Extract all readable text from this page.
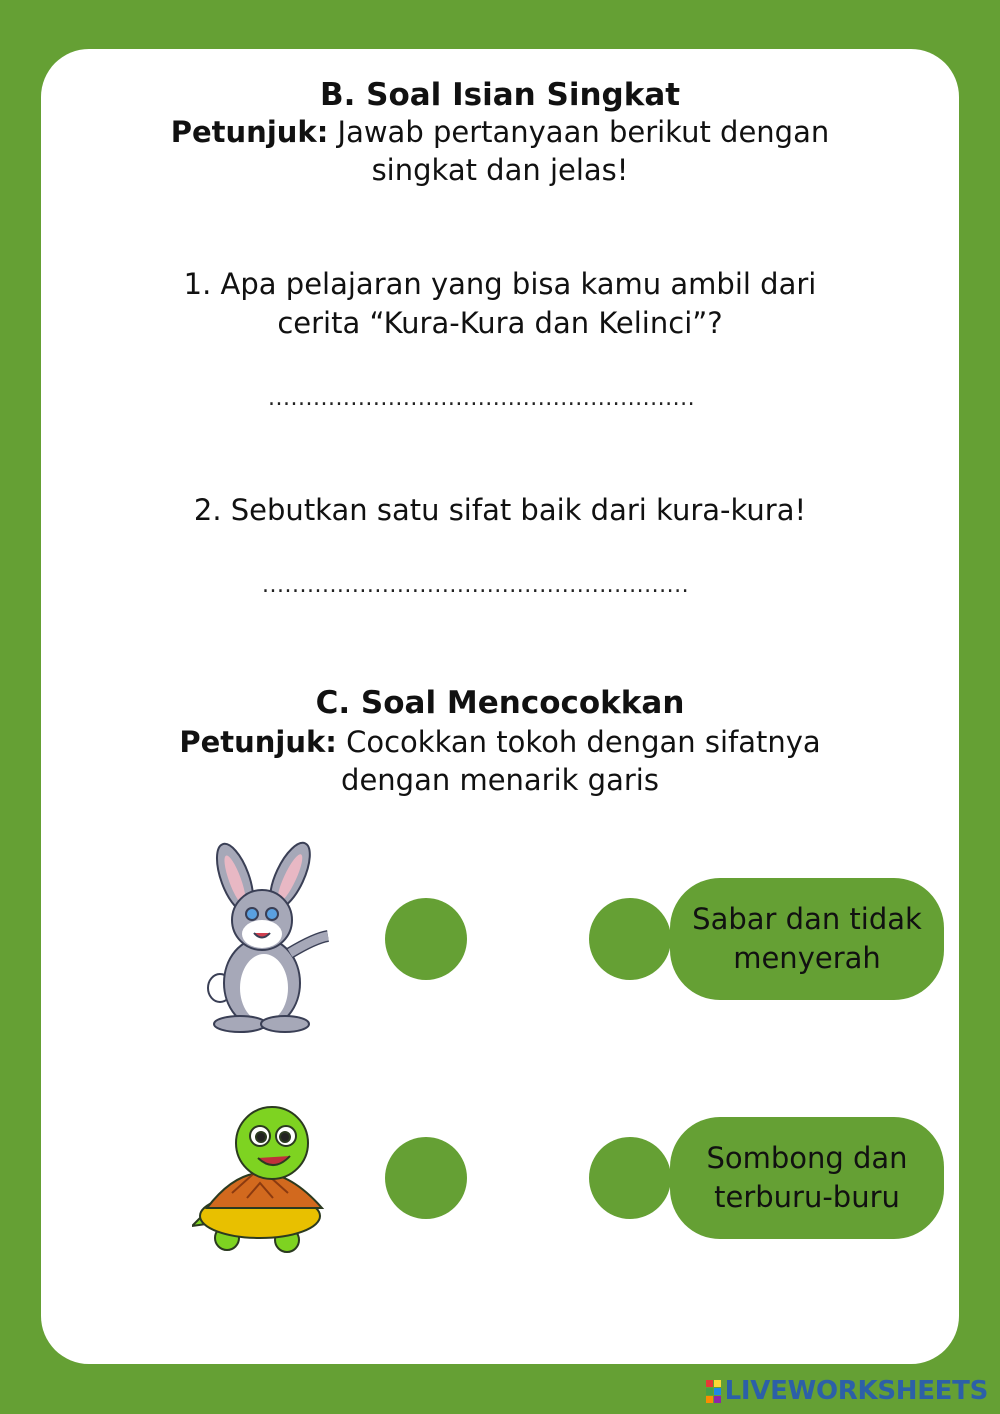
B. Soal Isian Singkat
Petunjuk: Jawab pertanyaan berikut dengan
singkat dan jelas!
1. Apa pelajaran yang bisa kamu ambil dari
cerita “Kura-Kura dan Kelinci”?
.........................................................
2. Sebutkan satu sifat baik dari kura-kura!
.........................................................
C. Soal Mencocokkan
Petunjuk: Cocokkan tokoh dengan sifatnya
dengan menarik garis
Sabar dan tidak
menyerah
Sombong dan
terburu-buru
LIVEWORKSHEETS
